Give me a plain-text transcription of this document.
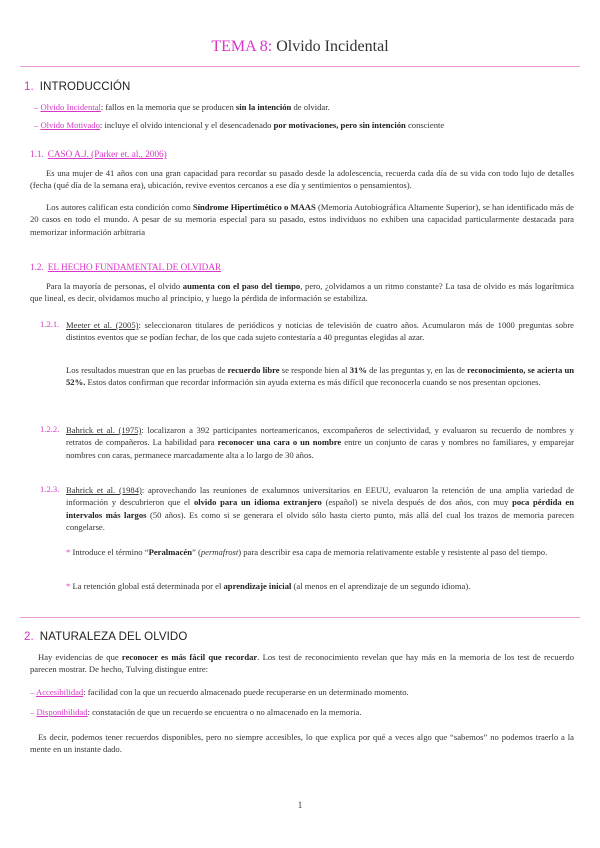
TEMA 8: Olvido Incidental
1. INTRODUCCIÓN
– Olvido Incidental: fallos en la memoria que se producen sin la intención de olvidar.
– Olvido Motivado: incluye el olvido intencional y el desencadenado por motivaciones, pero sin intención consciente
1.1. CASO A.J. (Parker et. al., 2006)
Es una mujer de 41 años con una gran capacidad para recordar su pasado desde la adolescencia, recuerda cada día de su vida con todo lujo de detalles (fecha (qué día de la semana era), ubicación, revive eventos cercanos a ese día y sentimientos o pensamientos).
Los autores califican esta condición como Síndrome Hipertimético o MAAS (Memoria Autobiográfica Altamente Superior), se han identificado más de 20 casos en todo el mundo. A pesar de su memoria especial para su pasado, estos individuos no exhiben una capacidad particularmente destacada para memorizar información arbitraria
1.2. EL HECHO FUNDAMENTAL DE OLVIDAR
Para la mayoría de personas, el olvido aumenta con el paso del tiempo, pero, ¿olvidamos a un ritmo constante? La tasa de olvido es más logarítmica que lineal, es decir, olvidamos mucho al principio, y luego la pérdida de información se estabiliza.
1.2.1. Meeter et al. (2005): seleccionaron titulares de periódicos y noticias de televisión de cuatro años. Acumularon más de 1000 preguntas sobre distintos eventos que se podían fechar, de los que cada sujeto contestaría a 40 preguntas elegidas al azar.
Los resultados muestran que en las pruebas de recuerdo libre se responde bien al 31% de las preguntas y, en las de reconocimiento, se acierta un 52%. Estos datos confirman que recordar información sin ayuda externa es más difícil que reconocerla cuando se nos presentan opciones.
1.2.2. Bahrick et al. (1975): localizaron a 392 participantes norteamericanos, excompañeros de selectividad, y evaluaron su recuerdo de nombres y retratos de compañeros. La habilidad para reconocer una cara o un nombre entre un conjunto de caras y nombres no familiares, y emparejar nombres con caras, permanece marcadamente alta a lo largo de 30 años.
1.2.3. Bahrick et al. (1984): aprovechando las reuniones de exalumnos universitarios en EEUU, evaluaron la retención de una amplia variedad de información y descubrieron que el olvido para un idioma extranjero (español) se nivela después de dos años, con muy poca pérdida en intervalos más largos (50 años). Es como si se generara el olvido sólo hasta cierto punto, más allá del cual los trazos de memoria parecen congelarse.
* Introduce el término “Peralmacén” (permafrost) para describir esa capa de memoria relativamente estable y resistente al paso del tiempo.
* La retención global está determinada por el aprendizaje inicial (al menos en el aprendizaje de un segundo idioma).
2. NATURALEZA DEL OLVIDO
Hay evidencias de que reconocer es más fácil que recordar. Los test de reconocimiento revelan que hay más en la memoria de los test de recuerdo parecen mostrar. De hecho, Tulving distingue entre:
– Accesibilidad: facilidad con la que un recuerdo almacenado puede recuperarse en un determinado momento.
– Disponibilidad: constatación de que un recuerdo se encuentra o no almacenado en la memoria.
Es decir, podemos tener recuerdos disponibles, pero no siempre accesibles, lo que explica por qué a veces algo que “sabemos” no podemos traerlo a la mente en un instante dado.
1
